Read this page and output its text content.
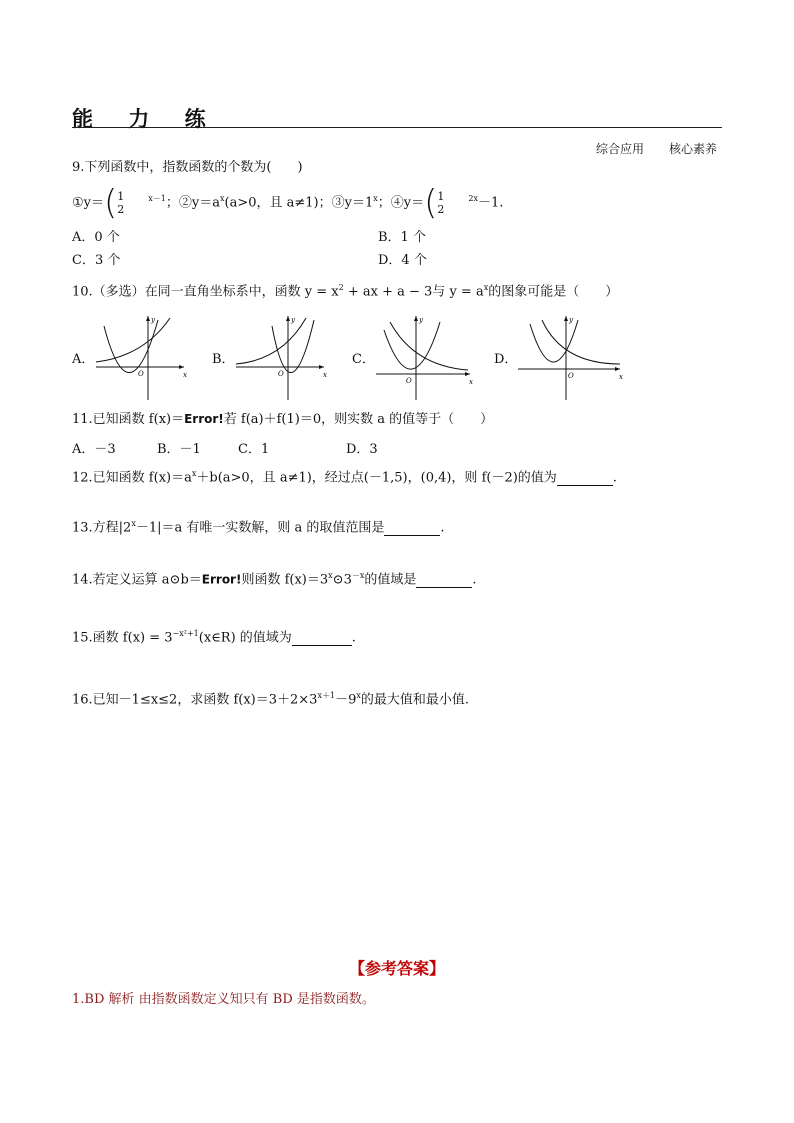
能 力 练
综合应用 核心素养
9.下列函数中，指数函数的个数为(　　)
①y＝(1
$2^{x-1}$；$②y=a^x(a>0$，且 a≠1)；$③y=1^x$；④y＝(1
$2^{2x}-1$.
A．0 个	B．1 个
C．3 个	D．4 个
10.（多选）在同一直角坐标系中，函数 $y = x^2$ + ax + a − 3与 $y = a^x$的图象可能是（　　）
A．
y
x
O
B．
y
x
O
C．
y
x
O
D．
y
x
O
11.已知函数 f(x)＝Error!若 f(a)＋f(1)＝0，则实数 a 的值等于（　　）
A．－3	B．－1	C．1	D．3
12.已知函数 $f(x)=a^x+b(a>0$，且 a≠1)，经过点(－1,5)，(0,4)，则 f(－2)的值为	.
13.方程$|2^x-1|=a$ 有唯一实数解，则 a 的取值范围是	.
14.若定义运算 a⊙b＝Error!则函数 $f(x)=3^x⊙3^{-x}$的值域是	.
15.函数 $f(x) = 3^{-x^2+1}(x\in R)$ 的值域为	.
16.已知－1≤x≤2，求函数 $f(x)=3+2\times 3^{x+1}-9^x$的最大值和最小值.
【参考答案】
1.BD 解析 由指数函数定义知只有 BD 是指数函数。
